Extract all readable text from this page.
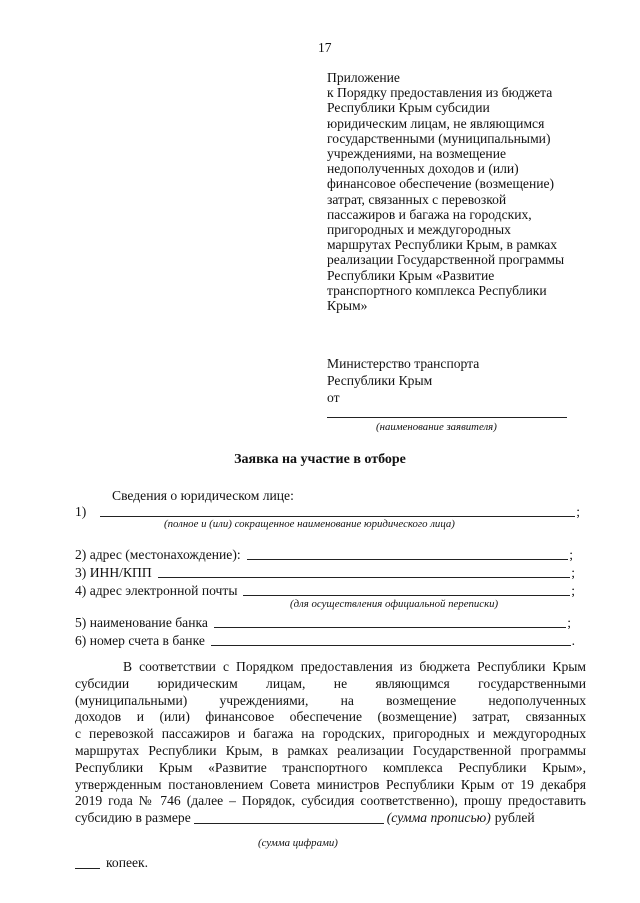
17
Приложение
к Порядку предоставления из бюджета
Республики Крым субсидии
юридическим лицам, не являющимся
государственными (муниципальными)
учреждениями, на возмещение
недополученных доходов и (или)
финансовое обеспечение (возмещение)
затрат, связанных с перевозкой
пассажиров и багажа на городских,
пригородных и междугородных
маршрутах Республики Крым, в рамках
реализации Государственной программы
Республики Крым «Развитие
транспортного комплекса Республики
Крым»
Министерство транспорта
Республики Крым
от
(наименование заявителя)
Заявка на участие в отборе
Сведения о юридическом лице:
1)	;
(полное и (или) сокращенное наименование юридического лица)
2) адрес (местонахождение):	;
3) ИНН/КПП	;
4) адрес электронной почты	;
(для осуществления официальной переписки)
5) наименование банка	;
6) номер счета в банке	.
В соответствии с Порядком предоставления из бюджета Республики Крым
субсидии юридическим лицам, не являющимся государственными
(муниципальными) учреждениями, на возмещение недополученных
доходов и (или) финансовое обеспечение (возмещение) затрат, связанных
с перевозкой пассажиров и багажа на городских, пригородных и междугородных
маршрутах Республики Крым, в рамках реализации Государственной программы
Республики Крым «Развитие транспортного комплекса Республики Крым»,
утвержденным постановлением Совета министров Республики Крым от 19 декабря
2019 года № 746 (далее – Порядок, субсидия соответственно), прошу предоставить
субсидию в размере	(сумма прописью) рублей
(сумма цифрами)
копеек.
